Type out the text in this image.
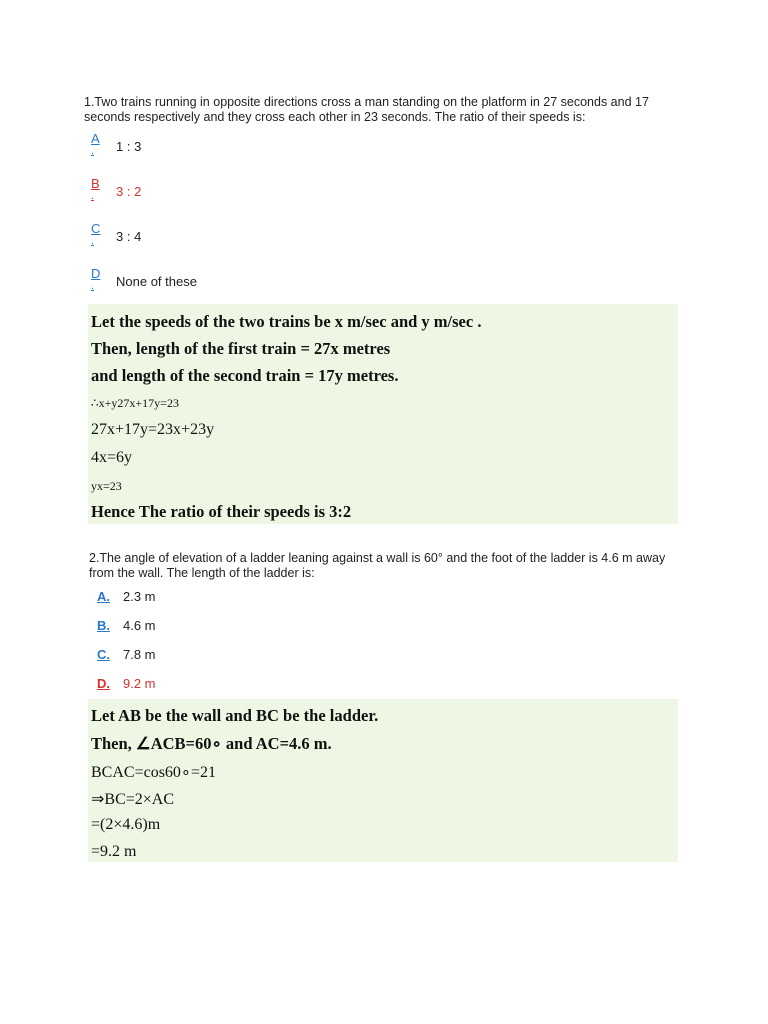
1.Two trains running in opposite directions cross a man standing on the platform in 27 seconds and 17 seconds respectively and they cross each other in 23 seconds. The ratio of their speeds is:
A
. 1 : 3
B
. 3 : 2
C
. 3 : 4
D
. None of these
Let the speeds of the two trains be x m/sec and y m/sec .
Then, length of the first train = 27x metres
and length of the second train = 17y metres.
∴x+y27x+17y=23
27x+17y=23x+23y
4x=6y
yx=23
Hence The ratio of their speeds is 3:2
2.The angle of elevation of a ladder leaning against a wall is 60° and the foot of the ladder is 4.6 m away from the wall. The length of the ladder is:
A. 2.3 m
B. 4.6 m
C. 7.8 m
D. 9.2 m
Let AB be the wall and BC be the ladder.
Then, ∠ACB=60∘ and AC=4.6 m.
BCAC=cos60∘=21
⇒BC=2×AC
=(2×4.6)m
=9.2 m
